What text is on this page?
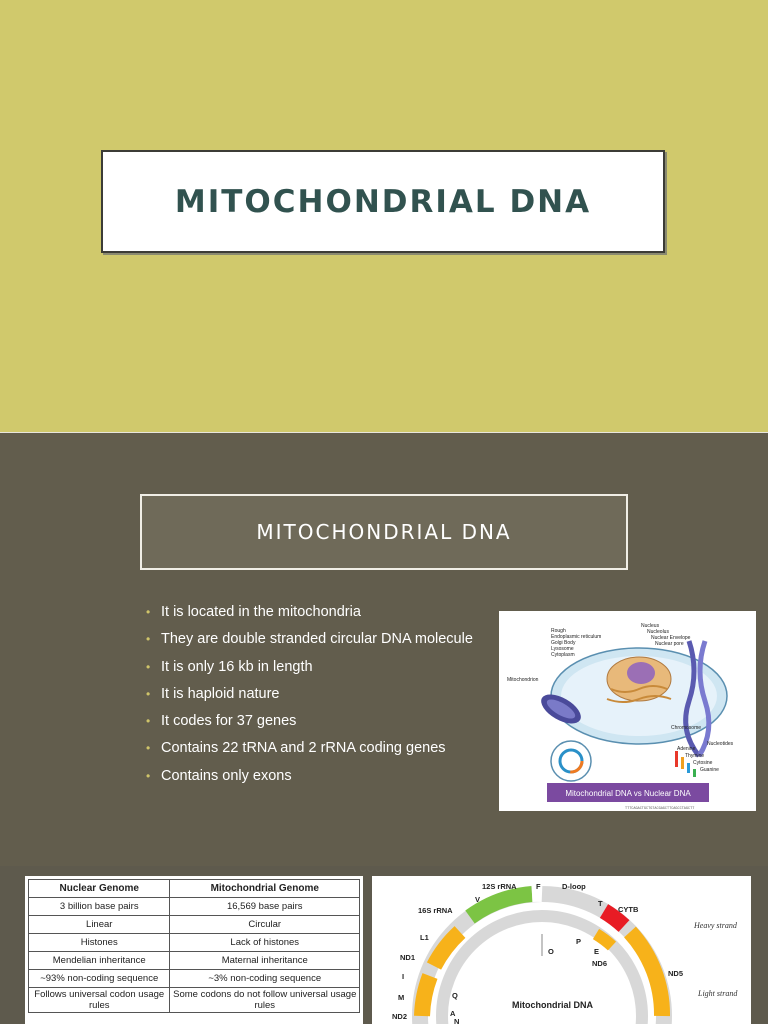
MITOCHONDRIAL DNA
MITOCHONDRIAL DNA
• It is located in the mitochondria
• They are double stranded circular DNA molecule
• It is only 16 kb in length
• It is haploid nature
• It codes for 37 genes
• Contains 22 tRNA and 2 rRNA coding genes
• Contains only exons
Rough
Endoplasmic reticulum
Golgi Body
Lysosome
Cytoplasm
Nucleus
Nucleolus
Nuclear Envelope
Nuclear pore
Mitochondrion
Chromosome
Nucleotides
Adenine
Thymine
Cytosine
Guanine
Mitochondrial DNA vs Nuclear DNA
TTTCAGACTGCTGTACGAGCTTCAGCCTAGCTT
Nuclear Genome	Mitochondrial Genome
3 billion base pairs	16,569 base pairs
Linear	Circular
Histones	Lack of histones
Mendelian inheritance	Maternal inheritance
~93% non-coding sequence	~3% non-coding sequence
Follows universal codon usage rules	Some codons do not follow universal usage rules
12S rRNA	F	D-loop
16S rRNA
V	T
CYTB
L1
ND1
I
M
ND2
Q
A
N
O
P
E
ND6
ND5
Mitochondrial DNA
Heavy strand
Light strand
